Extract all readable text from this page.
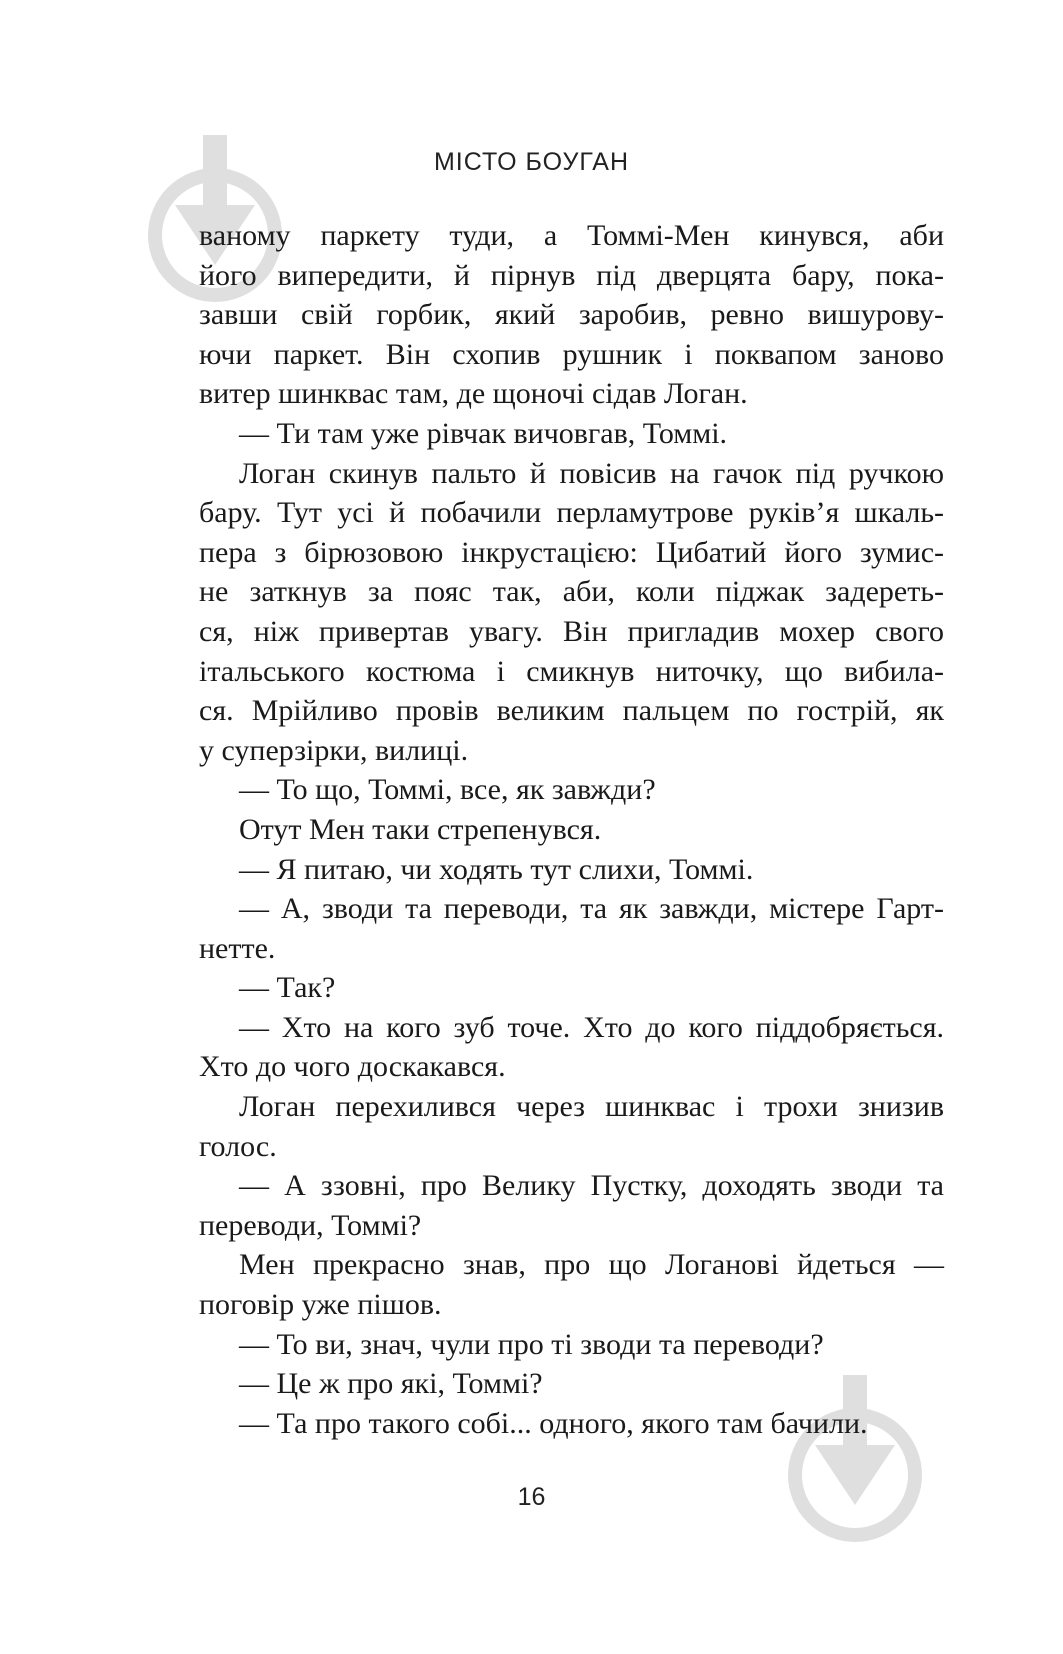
МІСТО БОУГАН
ваному паркету туди, а Томмі-Мен кинувся, аби
його випередити, й пірнув під дверцята бару, пока-
завши свій горбик, який заробив, ревно вишурову-
ючи паркет. Він схопив рушник і поквапом заново
витер шинквас там, де щоночі сідав Логан.
— Ти там уже рівчак вичовгав, Томмі.
Логан скинув пальто й повісив на гачок під ручкою
бару. Тут усі й побачили перламутрове руків’я шкаль-
пера з бірюзовою інкрустацією: Цибатий його зумис-
не заткнув за пояс так, аби, коли піджак задереть-
ся, ніж привертав увагу. Він пригладив мохер свого
італьського костюма і смикнув ниточку, що вибила-
ся. Мрійливо провів великим пальцем по гострій, як
у суперзірки, вилиці.
— То що, Томмі, все, як завжди?
Отут Мен таки стрепенувся.
— Я питаю, чи ходять тут слихи, Томмі.
— А, зводи та переводи, та як завжди, містере Гарт-
нетте.
— Так?
— Хто на кого зуб точе. Хто до кого піддобряється.
Хто до чого доскакався.
Логан перехилився через шинквас і трохи знизив
голос.
— А ззовні, про Велику Пустку, доходять зводи та
переводи, Томмі?
Мен прекрасно знав, про що Логанові йдеться —
поговір уже пішов.
— То ви, знач, чули про ті зводи та переводи?
— Це ж про які, Томмі?
— Та про такого собі... одного, якого там бачили.
16
